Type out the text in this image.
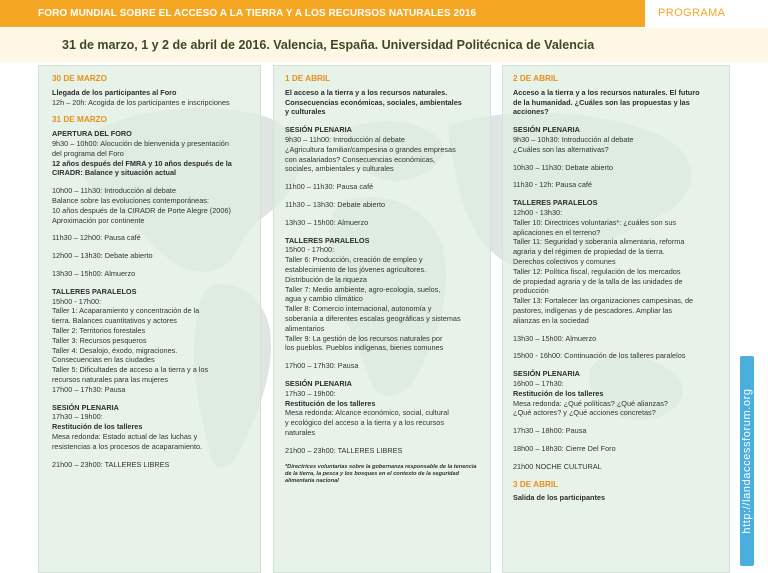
FORO MUNDIAL SOBRE EL ACCESO A LA TIERRA Y A LOS RECURSOS NATURALES 2016	PROGRAMA
31 de marzo, 1 y 2 de abril de 2016. Valencia, España. Universidad Politécnica de Valencia
30 DE MARZO
Llegada de los participantes al Foro
12h – 20h: Acogida de los participantes e inscripciones
31 DE MARZO
APERTURA DEL FORO
9h30 – 10h00: Alocución de bienvenida y presentación
del programa del Foro
12 años después del FMRA y 10 años después de la
CIRADR: Balance y situación actual
10h00 – 11h30: Introducción al debate
Balance sobre las evoluciones contemporáneas:
10 años después de la CIRADR de Porte Alegre (2006)
Aproximación por continente
11h30 – 12h00: Pausa café
12h00 – 13h30: Debate abierto
13h30 – 15h00: Almuerzo
TALLERES PARALELOS
15h00 - 17h00:
Taller 1: Acaparamiento y concentración de la
tierra. Balances cuantitativos y actores
Taller 2: Territorios forestales
Taller 3: Recursos pesqueros
Taller 4: Desalojo, éxodo, migraciones.
Consecuencias en las ciudades
Taller 5: Dificultades de acceso a la tierra y a los
recursos naturales para las mujeres
17h00 – 17h30: Pausa
SESIÓN PLENARIA
17h30 – 19h00:
Restitución de los talleres
Mesa redonda: Estado actual de las luchas y
resistencias a los procesos de acaparamiento.
21h00 – 23h00: TALLERES LIBRES
1 DE ABRIL
El acceso a la tierra y a los recursos naturales.
Consecuencias económicas, sociales, ambientales
y culturales
SESIÓN PLENARIA
9h30 – 11h00: Introducción al debate
¿Agricultura familiar/campesina o grandes empresas
con asalariados? Consecuencias económicas,
sociales, ambientales y culturales
11h00 – 11h30: Pausa café
11h30 – 13h30: Debate abierto
13h30 – 15h00: Almuerzo
TALLERES PARALELOS
15h00 - 17h00:
Taller 6: Producción, creación de empleo y
establecimiento de los jóvenes agricultores.
Distribución de la riqueza
Taller 7: Medio ambiente, agro-ecología, suelos,
agua y cambio climático
Taller 8: Comercio internacional, autonomía y
soberanía a diferentes escalas geográficas y sistemas
alimentarios
Taller 9: La gestión de los recursos naturales por
los pueblos. Pueblos indígenas, bienes comunes
17h00 – 17h30: Pausa
SESIÓN PLENARIA
17h30 – 19h00:
Restitución de los talleres
Mesa redonda: Alcance económico, social, cultural
y ecológico del acceso a la tierra y a los recursos
naturales
21h00 – 23h00: TALLERES LIBRES
*Directrices voluntarias sobre la gobernanza responsable de la tenencia de la tierra, la pesca y los bosques en el contexto de la seguridad alimentaria nacional
2 DE ABRIL
Acceso a la tierra y a los recursos naturales. El futuro
de la humanidad. ¿Cuáles son las propuestas y las
acciones?
SESIÓN PLENARIA
9h30 – 10h30: Introducción al debate
¿Cuáles son las alternativas?
10h30 – 11h30: Debate abierto
11h30 - 12h: Pausa café
TALLERES PARALELOS
12h00 - 13h30:
Taller 10: Directrices voluntarias*: ¿cuáles son sus
aplicaciones en el terreno?
Taller 11: Seguridad y soberanía alimentaria, reforma
agraria y del régimen de propiedad de la tierra.
Derechos colectivos y comunes
Taller 12: Política fiscal, regulación de los mercados
de propiedad agraria y de la talla de las unidades de
producción
Taller 13: Fortalecer las organizaciones campesinas, de
pastores, indígenas y de pescadores. Ampliar las
alianzas en la sociedad
13h30 – 15h00: Almuerzo
15h00 - 16h00: Continuación de los talleres paralelos
SESIÓN PLENARIA
16h00 – 17h30:
Restitución de los talleres
Mesa redonda: ¿Qué políticas? ¿Qué alianzas?
¿Qué actores? y ¿Qué acciones concretas?
17h30 – 18h00: Pausa
18h00 – 18h30: Cierre Del Foro
21h00 NOCHE CULTURAL
3 DE ABRIL
Salida de los participantes	http://landaccessforum.org
